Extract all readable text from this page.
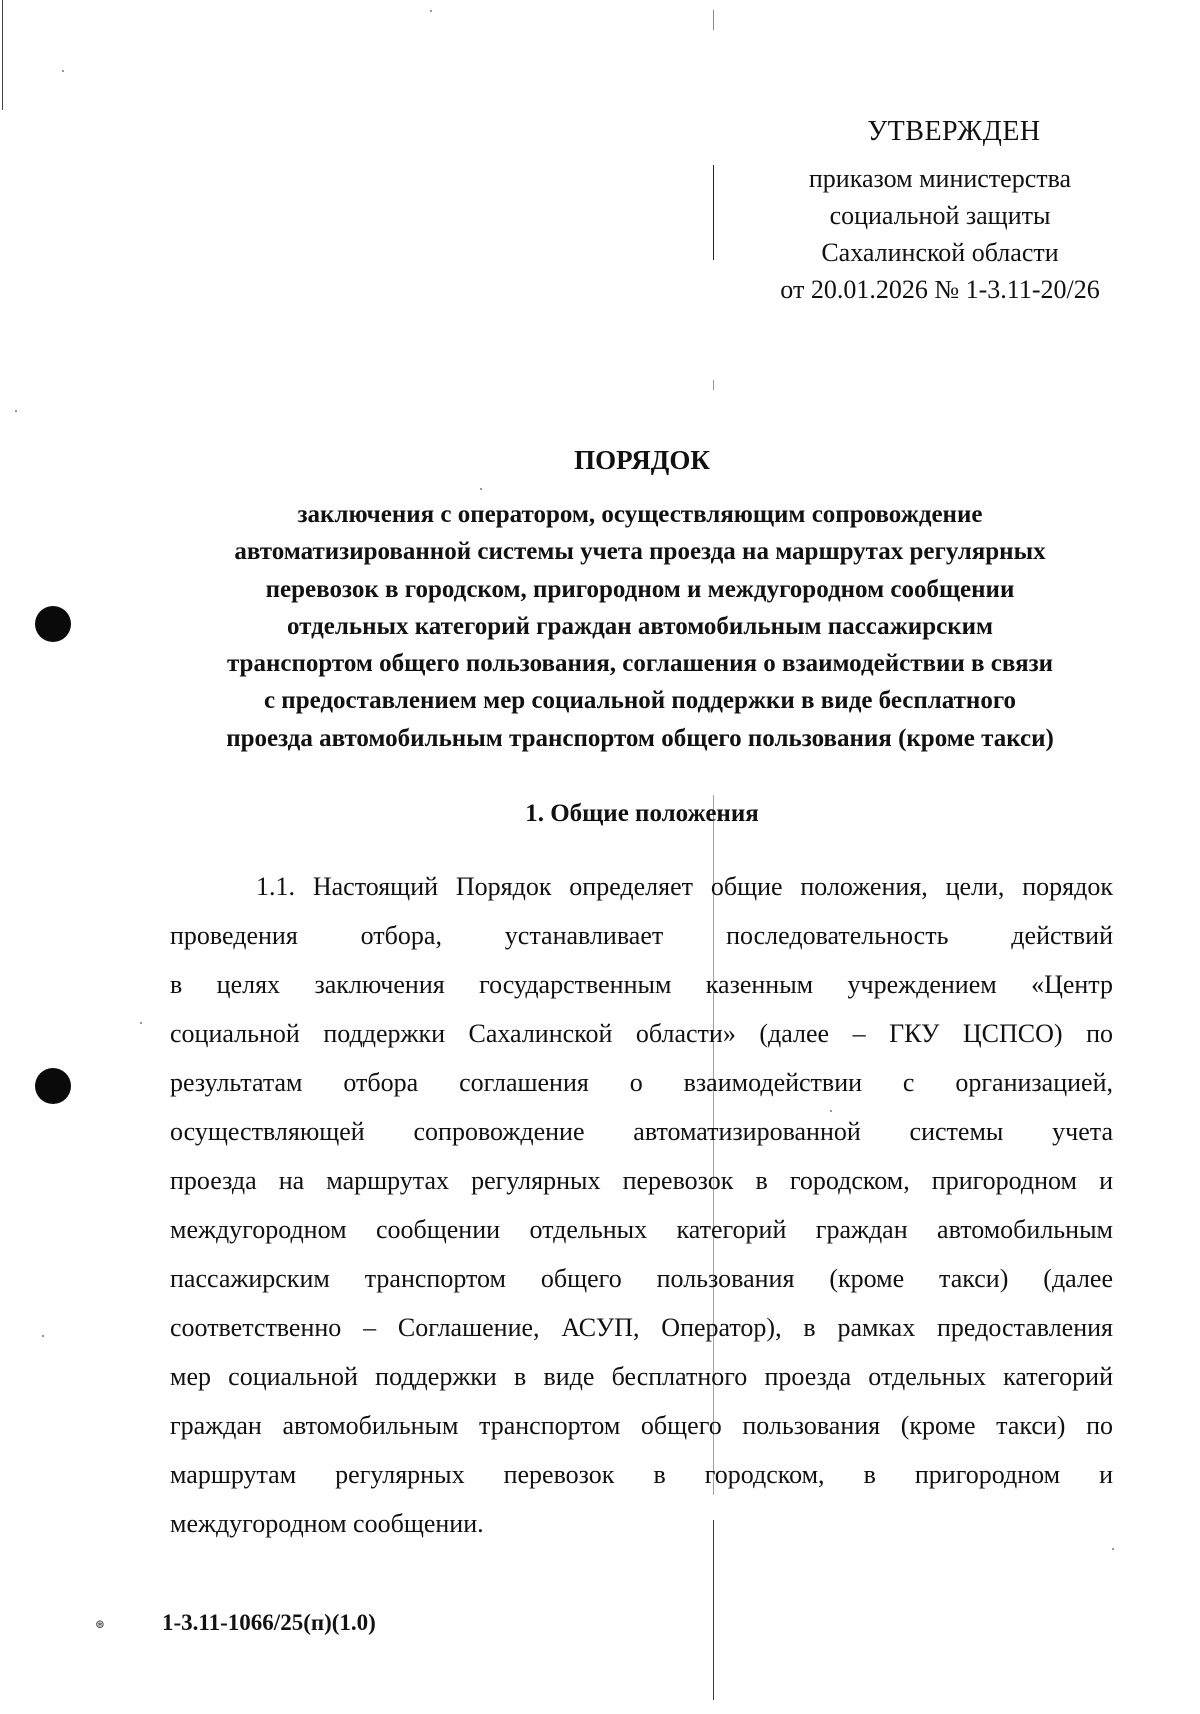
УТВЕРЖДЕН
приказом министерства
социальной защиты
Сахалинской области
от 20.01.2026 № 1-3.11-20/26
ПОРЯДОК
заключения с оператором, осуществляющим сопровождение
автоматизированной системы учета проезда на маршрутах регулярных
перевозок в городском, пригородном и междугородном сообщении
отдельных категорий граждан автомобильным пассажирским
транспортом общего пользования, соглашения о взаимодействии в связи
с предоставлением мер социальной поддержки в виде бесплатного
проезда автомобильным транспортом общего пользования (кроме такси)
1. Общие положения
1.1. Настоящий Порядок определяет общие положения, цели, порядок
проведения отбора, устанавливает последовательность действий
в целях заключения государственным казенным учреждением «Центр
социальной поддержки Сахалинской области» (далее – ГКУ ЦСПСО) по
результатам отбора соглашения о взаимодействии с организацией,
осуществляющей сопровождение автоматизированной системы учета
проезда на маршрутах регулярных перевозок в городском, пригородном и
междугородном сообщении отдельных категорий граждан автомобильным
пассажирским транспортом общего пользования (кроме такси) (далее
соответственно – Соглашение, АСУП, Оператор), в рамках предоставления
мер социальной поддержки в виде бесплатного проезда отдельных категорий
граждан автомобильным транспортом общего пользования (кроме такси) по
маршрутам регулярных перевозок в городском, в пригородном и
междугородном сообщении.
⊛ 1-3.11-1066/25(п)(1.0)
